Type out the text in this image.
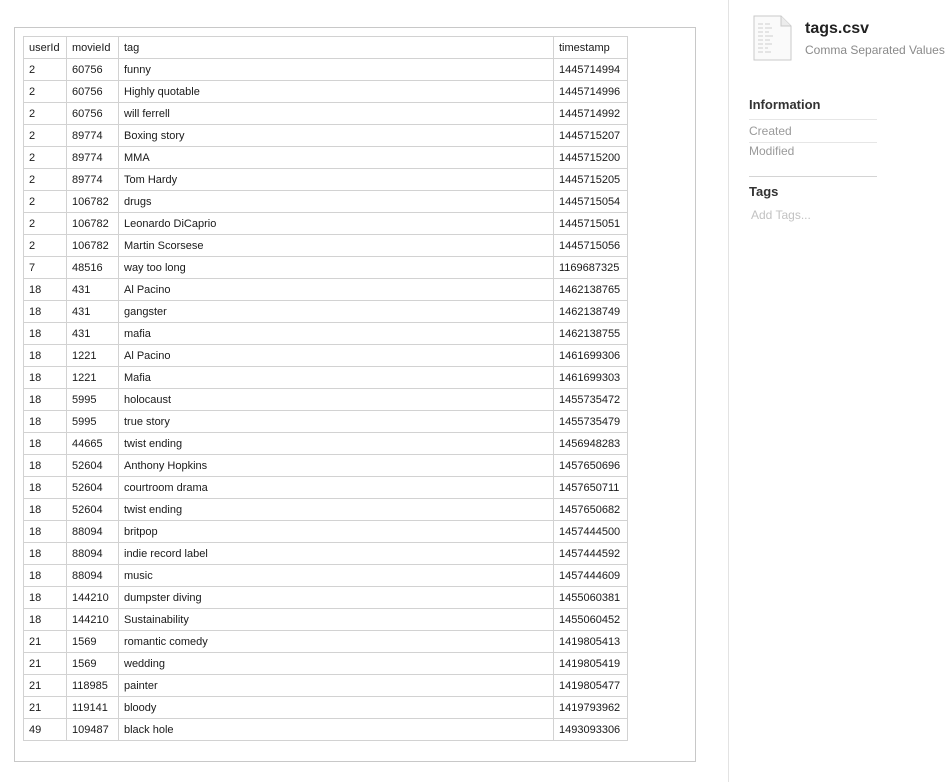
userId	movieId	tag	timestamp
2	60756	funny	1445714994
2	60756	Highly quotable	1445714996
2	60756	will ferrell	1445714992
2	89774	Boxing story	1445715207
2	89774	MMA	1445715200
2	89774	Tom Hardy	1445715205
2	106782	drugs	1445715054
2	106782	Leonardo DiCaprio	1445715051
2	106782	Martin Scorsese	1445715056
7	48516	way too long	1169687325
18	431	Al Pacino	1462138765
18	431	gangster	1462138749
18	431	mafia	1462138755
18	1221	Al Pacino	1461699306
18	1221	Mafia	1461699303
18	5995	holocaust	1455735472
18	5995	true story	1455735479
18	44665	twist ending	1456948283
18	52604	Anthony Hopkins	1457650696
18	52604	courtroom drama	1457650711
18	52604	twist ending	1457650682
18	88094	britpop	1457444500
18	88094	indie record label	1457444592
18	88094	music	1457444609
18	144210	dumpster diving	1455060381
18	144210	Sustainability	1455060452
21	1569	romantic comedy	1419805413
21	1569	wedding	1419805419
21	118985	painter	1419805477
21	119141	bloody	1419793962
49	109487	black hole	1493093306
tags.csv
Comma Separated Values
Information
Created
Modified
Tags
Add Tags...
